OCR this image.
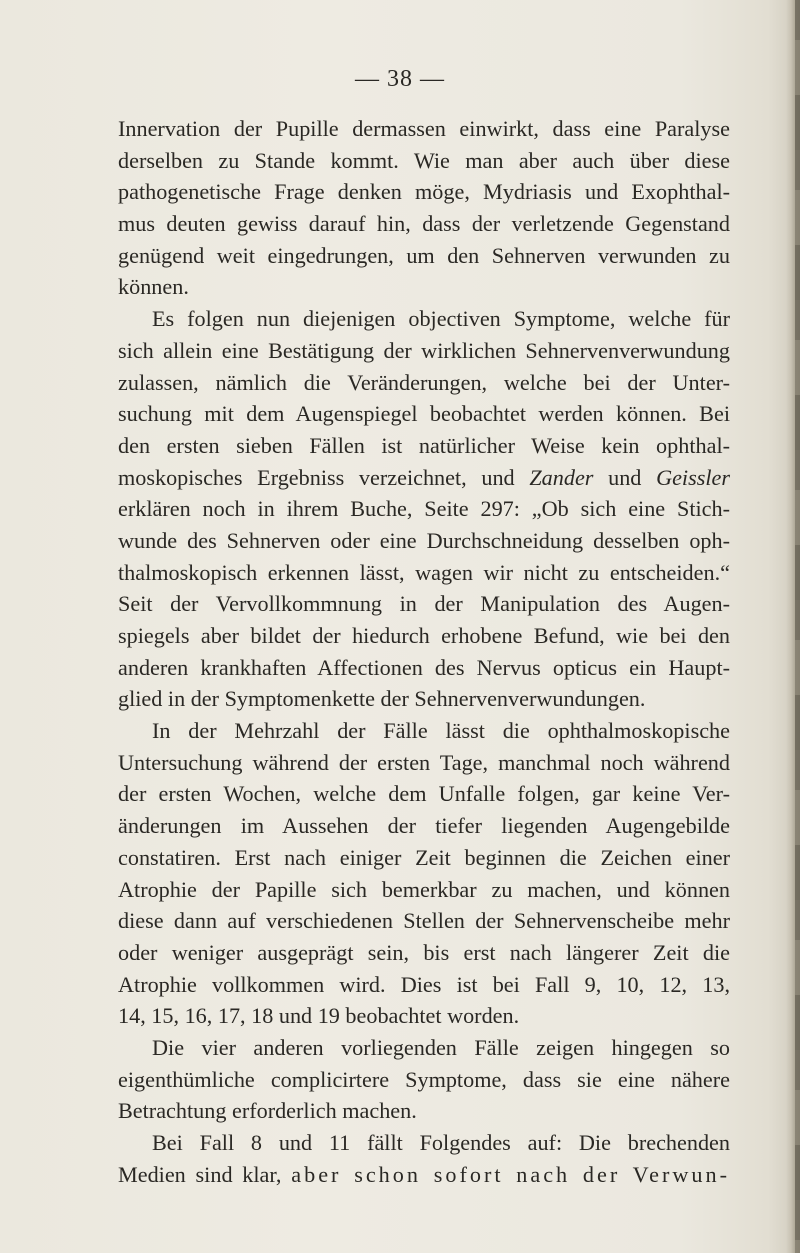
— 38 —
Innervation der Pupille dermassen einwirkt, dass eine Paralyse
derselben zu Stande kommt. Wie man aber auch über diese
pathogenetische Frage denken möge, Mydriasis und Exophthal-
mus deuten gewiss darauf hin, dass der verletzende Gegenstand
genügend weit eingedrungen, um den Sehnerven verwunden zu
können.
Es folgen nun diejenigen objectiven Symptome, welche für
sich allein eine Bestätigung der wirklichen Sehnervenverwundung
zulassen, nämlich die Veränderungen, welche bei der Unter-
suchung mit dem Augenspiegel beobachtet werden können. Bei
den ersten sieben Fällen ist natürlicher Weise kein ophthal-
moskopisches Ergebniss verzeichnet, und Zander und Geissler
erklären noch in ihrem Buche, Seite 297: „Ob sich eine Stich-
wunde des Sehnerven oder eine Durchschneidung desselben oph-
thalmoskopisch erkennen lässt, wagen wir nicht zu entscheiden.“
Seit der Vervollkommnung in der Manipulation des Augen-
spiegels aber bildet der hiedurch erhobene Befund, wie bei den
anderen krankhaften Affectionen des Nervus opticus ein Haupt-
glied in der Symptomenkette der Sehnervenverwundungen.
In der Mehrzahl der Fälle lässt die ophthalmoskopische
Untersuchung während der ersten Tage, manchmal noch während
der ersten Wochen, welche dem Unfalle folgen, gar keine Ver-
änderungen im Aussehen der tiefer liegenden Augengebilde
constatiren. Erst nach einiger Zeit beginnen die Zeichen einer
Atrophie der Papille sich bemerkbar zu machen, und können
diese dann auf verschiedenen Stellen der Sehnervenscheibe mehr
oder weniger ausgeprägt sein, bis erst nach längerer Zeit die
Atrophie vollkommen wird. Dies ist bei Fall 9, 10, 12, 13,
14, 15, 16, 17, 18 und 19 beobachtet worden.
Die vier anderen vorliegenden Fälle zeigen hingegen so
eigenthümliche complicirtere Symptome, dass sie eine nähere
Betrachtung erforderlich machen.
Bei Fall 8 und 11 fällt Folgendes auf: Die brechenden
Medien sind klar, aber schon sofort nach der Verwun-
